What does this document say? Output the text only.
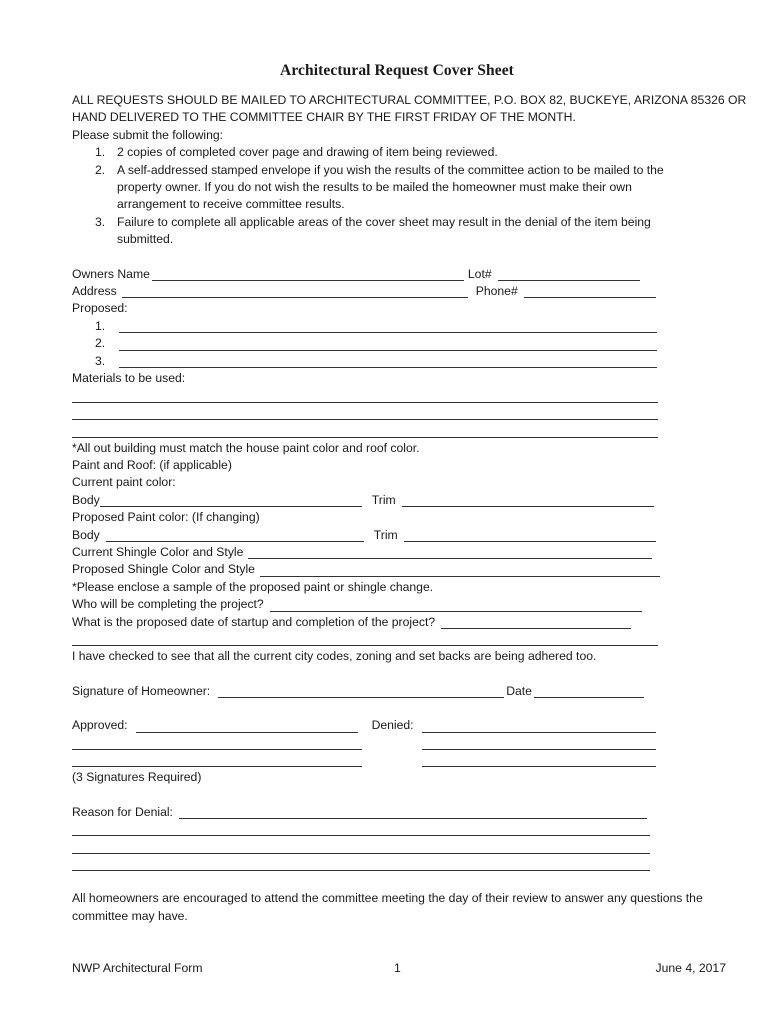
Architectural Request Cover Sheet
ALL REQUESTS SHOULD BE MAILED TO ARCHITECTURAL COMMITTEE, P.O. BOX 82, BUCKEYE, ARIZONA 85326 OR
HAND DELIVERED TO THE COMMITTEE CHAIR BY THE FIRST FRIDAY OF THE MONTH.
Please submit the following:
1. 2 copies of completed cover page and drawing of item being reviewed.
2. A self-addressed stamped envelope if you wish the results of the committee action to be mailed to the property owner. If you do not wish the results to be mailed the homeowner must make their own arrangement to receive committee results.
3. Failure to complete all applicable areas of the cover sheet may result in the denial of the item being submitted.
Owners Name	Lot#
Address	Phone#
Proposed:
1.
2.
3.
Materials to be used:
*All out building must match the house paint color and roof color.
Paint and Roof: (if applicable)
Current paint color:
Body	Trim
Proposed Paint color: (If changing)
Body	Trim
Current Shingle Color and Style
Proposed Shingle Color and Style
*Please enclose a sample of the proposed paint or shingle change.
Who will be completing the project?
What is the proposed date of startup and completion of the project?
I have checked to see that all the current city codes, zoning and set backs are being adhered too.
Signature of Homeowner:	Date
Approved:	Denied:
(3 Signatures Required)
Reason for Denial:
All homeowners are encouraged to attend the committee meeting the day of their review to answer any questions the committee may have.
NWP Architectural Form	1	June 4, 2017
